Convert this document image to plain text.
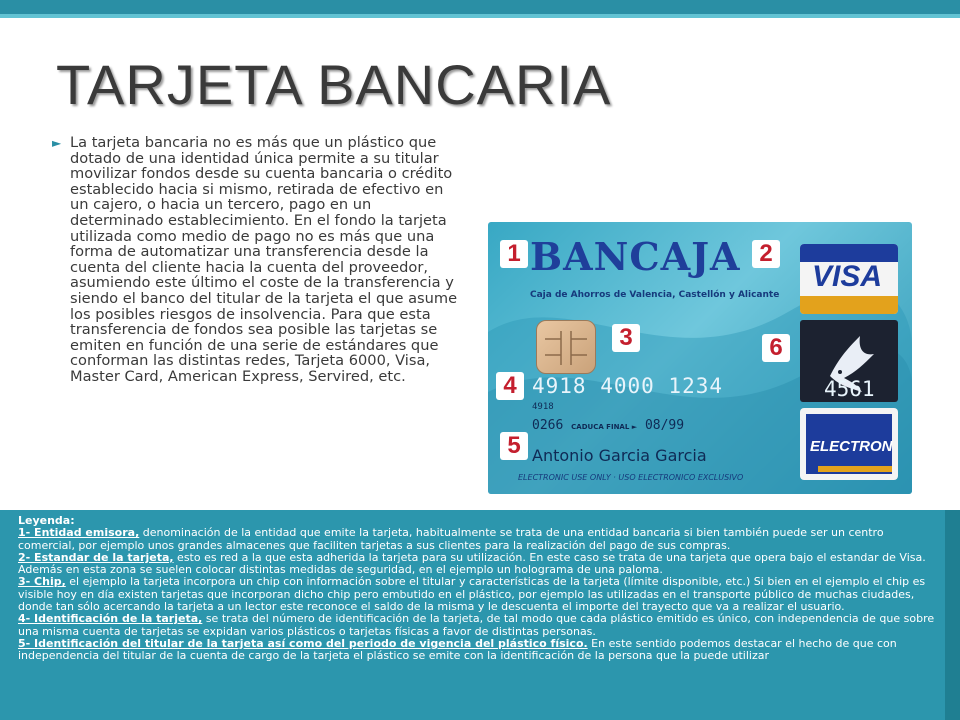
TARJETA BANCARIA
► La tarjeta bancaria no es más que un plástico que dotado de una identidad única permite a su titular movilizar fondos desde su cuenta bancaria o crédito establecido hacia si mismo, retirada de efectivo en un cajero, o hacia un tercero, pago en un determinado establecimiento. En el fondo la tarjeta utilizada como medio de pago no es más que una forma de automatizar una transferencia desde la cuenta del cliente hacia la cuenta del proveedor, asumiendo este último el coste de la transferencia y siendo el banco del titular de la tarjeta el que asume los posibles riesgos de insolvencia. Para que esta transferencia de fondos sea posible las tarjetas se emiten en función de una serie de estándares que conforman las distintas redes, Tarjeta 6000, Visa, Master Card, American Express, Servired, etc.
BANCAJA
Caja de Ahorros de Valencia, Castellón y Alicante
VISA
ELECTRON
4918 4000 1234	4561
4918
0266 CADUCA FINAL ► 08/99
Antonio Garcia Garcia
ELECTRONIC USE ONLY · USO ELECTRONICO EXCLUSIVO
1	2
3
4
5
6

Leyenda:

1- Entidad emisora, denominación de la entidad que emite la tarjeta, habitualmente se trata de una entidad bancaria si bien también puede ser un centro comercial, por ejemplo unos grandes almacenes que faciliten tarjetas a sus clientes para la realización del pago de sus compras.

2- Estandar de la tarjeta, esto es red a la que esta adherida la tarjeta para su utilización. En este caso se trata de una tarjeta que opera bajo el estandar de Visa. Además en esta zona se suelen colocar distintas medidas de seguridad, en el ejemplo un holograma de una paloma.

3- Chip, el ejemplo la tarjeta incorpora un chip con información sobre el titular y características de la tarjeta (límite disponible, etc.) Si bien en el ejemplo el chip es visible hoy en día existen tarjetas que incorporan dicho chip pero embutido en el plástico, por ejemplo las utilizadas en el transporte público de muchas ciudades, donde tan sólo acercando la tarjeta a un lector este reconoce el saldo de la misma y le descuenta el importe del trayecto que va a realizar el usuario.

4- Identificación de la tarjeta, se trata del número de identificación de la tarjeta, de tal modo que cada plástico emitido es único, con independencia de que sobre una misma cuenta de tarjetas se expidan varios plásticos o tarjetas físicas a favor de distintas personas.

5- Identificación del titular de la tarjeta así como del periodo de vigencia del plástico físico. En este sentido podemos destacar el hecho de que con independencia del titular de la cuenta de cargo de la tarjeta el plástico se emite con la identificación de la persona que la puede utilizar
